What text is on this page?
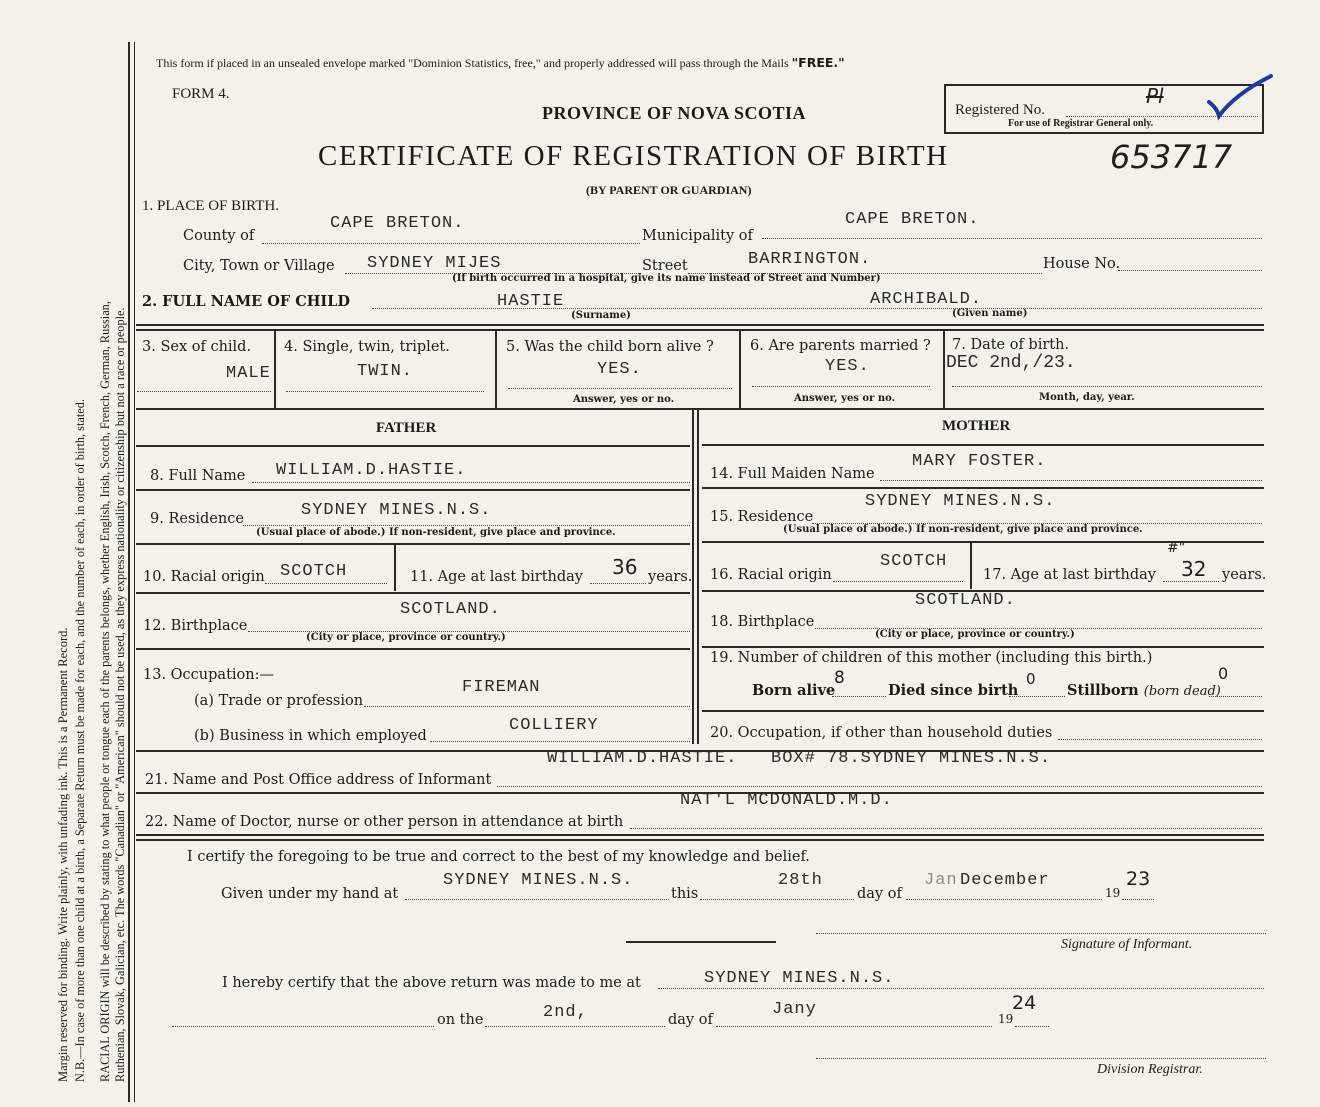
Margin reserved for binding. Write plainly, with unfading ink. This is a Permanent Record. N.B.—In case of more than one child at a birth, a Separate Return must be made for each, and the number of each, in order of birth, stated. RACIAL ORIGIN will be described by stating to what people or tongue each of the parents belongs, whether English, Irish, Scotch, French, German, Russian, Ruthenian, Slovak, Galician, etc. The words "Canadian" or "American" should not be used, as they express nationality or citizenship but not a race or people.
This form if placed in an unsealed envelope marked "Dominion Statistics, free," and properly addressed will pass through the Mails "FREE."
FORM 4.
PROVINCE OF NOVA SCOTIA
CERTIFICATE OF REGISTRATION OF BIRTH
(BY PARENT OR GUARDIAN)
Registered No.
Pl
For use of Registrar General only.
653717
1. PLACE OF BIRTH.
County of
CAPE BRETON.
Municipality of
CAPE BRETON.
City, Town or Village SYDNEY MIJES	Street	BARRINGTON.	House No.
(If birth occurred in a hospital, give its name instead of Street and Number)
2. FULL NAME OF CHILD	HASTIE
(Surname)
ARCHIBALD.
(Given name)
3. Sex of child.
MALE
4. Single, twin, triplet.
TWIN.
5. Was the child born alive ?
YES.
Answer, yes or no.
6. Are parents married ?
YES.
Answer, yes or no.
7. Date of birth.
DEC 2nd,/23.
Month, day, year.
FATHER
8. Full Name WILLIAM.D.HASTIE.
9. Residence	SYDNEY MINES.N.S.
(Usual place of abode.) If non-resident, give place and province.
10. Racial origin SCOTCH	11. Age at last birthday 36 years.
12. Birthplace
SCOTLAND.
(City or place, province or country.)
13. Occupation:—
(a) Trade or profession
FIREMAN
(b) Business in which employed
COLLIERY
MOTHER
14. Full Maiden Name
MARY FOSTER.
15. Residence
SYDNEY MINES.N.S.
(Usual place of abode.) If non-resident, give place and province.
16. Racial origin
SCOTCH
17. Age at last birthday
#"
32 years.
18. Birthplace
SCOTLAND.
(City or place, province or country.)
19. Number of children of this mother (including this birth.)
Born alive
8
Died since birth
0
Stillborn (born dead)
0
20. Occupation, if other than household duties
21. Name and Post Office address of Informant
WILLIAM.D.HASTIE.   BOX# 78.SYDNEY MINES.N.S.
22. Name of Doctor, nurse or other person in attendance at birth
NAT'L MCDONALD.M.D.
I certify the foregoing to be true and correct to the best of my knowledge and belief.
Given under my hand at
SYDNEY MINES.N.S.
this
28th
day of
Jan December
19
23
Signature of Informant.
I hereby certify that the above return was made to me at	SYDNEY MINES.N.S.
on the	2nd,	day of
Jany	19
24
Division Registrar.
